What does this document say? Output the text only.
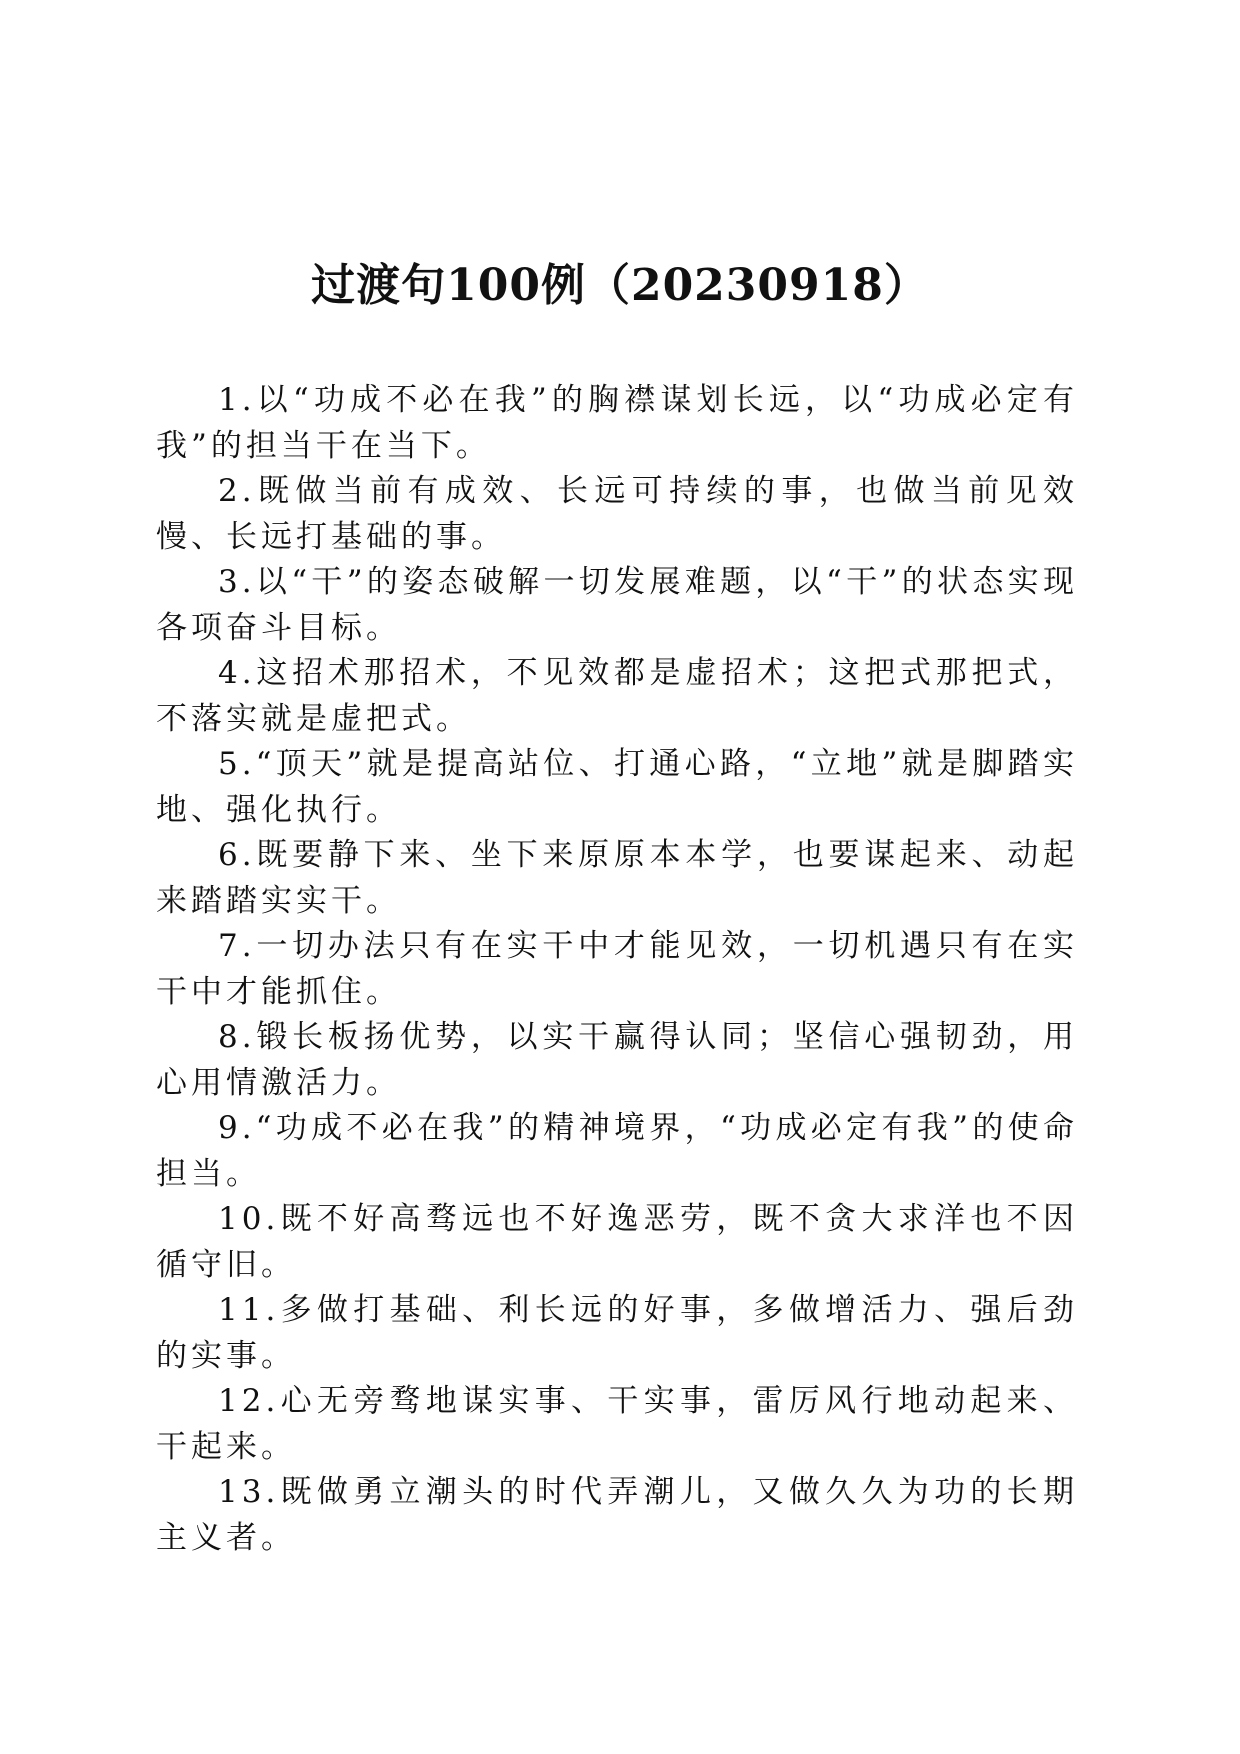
过渡句100例（20230918）
1.以“功成不必在我”的胸襟谋划长远，以“功成必定有我”的担当干在当下。
2.既做当前有成效、长远可持续的事，也做当前见效慢、长远打基础的事。
3.以“干”的姿态破解一切发展难题，以“干”的状态实现各项奋斗目标。
4.这招术那招术，不见效都是虚招术；这把式那把式，不落实就是虚把式。
5.“顶天”就是提高站位、打通心路，“立地”就是脚踏实地、强化执行。
6.既要静下来、坐下来原原本本学，也要谋起来、动起来踏踏实实干。
7.一切办法只有在实干中才能见效，一切机遇只有在实干中才能抓住。
8.锻长板扬优势，以实干赢得认同；坚信心强韧劲，用心用情激活力。
9.“功成不必在我”的精神境界，“功成必定有我”的使命担当。
10.既不好高骛远也不好逸恶劳，既不贪大求洋也不因循守旧。
11.多做打基础、利长远的好事，多做增活力、强后劲的实事。
12.心无旁骛地谋实事、干实事，雷厉风行地动起来、干起来。
13.既做勇立潮头的时代弄潮儿，又做久久为功的长期主义者。
